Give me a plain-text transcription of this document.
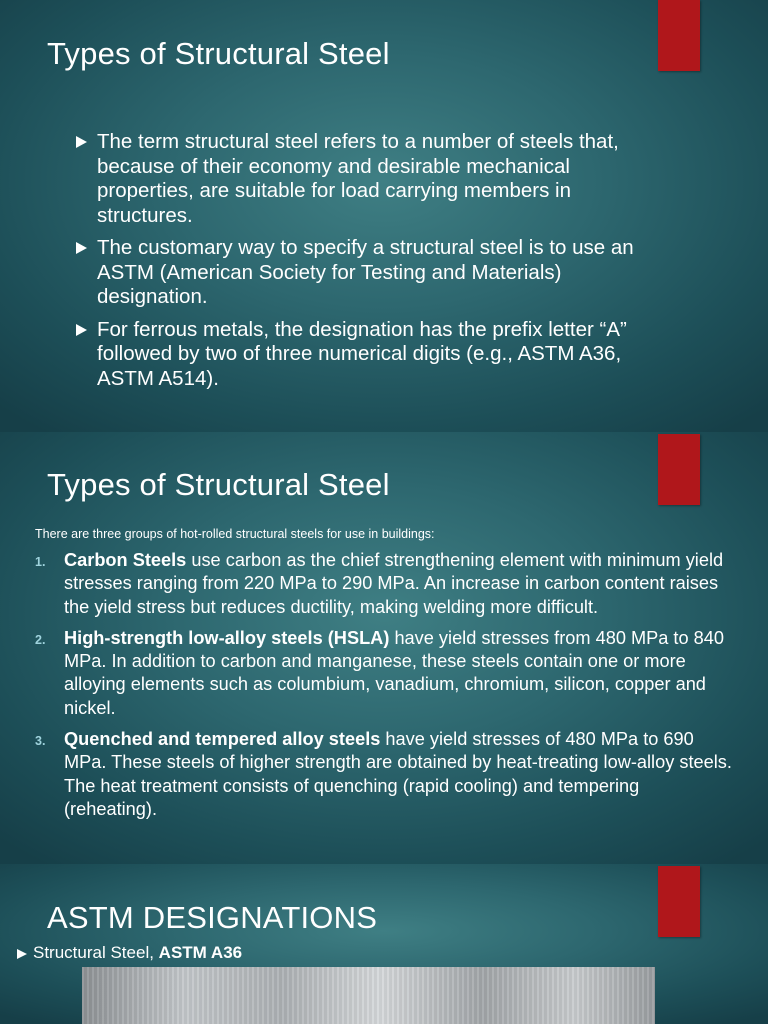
Types of Structural Steel
The term structural steel refers to a number of steels that, because of their economy and desirable mechanical properties, are suitable for load carrying members in structures.
The customary way to specify a structural steel is to use an ASTM (American Society for Testing and Materials) designation.
For ferrous metals, the designation has the prefix letter “A” followed by two of three numerical digits (e.g., ASTM A36, ASTM A514).
Types of Structural Steel
There are three groups of hot-rolled structural steels for use in buildings:
1. Carbon Steels use carbon as the chief strengthening element with minimum yield stresses ranging from 220 MPa to 290 MPa. An increase in carbon content raises the yield stress but reduces ductility, making welding more difficult.
2. High-strength low-alloy steels (HSLA) have yield stresses from 480 MPa to 840 MPa. In addition to carbon and manganese, these steels contain one or more alloying elements such as columbium, vanadium, chromium, silicon, copper and nickel.
3. Quenched and tempered alloy steels have yield stresses of 480 MPa to 690 MPa. These steels of higher strength are obtained by heat-treating low-alloy steels. The heat treatment consists of quenching (rapid cooling) and tempering (reheating).
ASTM DESIGNATIONS
Structural Steel, ASTM A36
